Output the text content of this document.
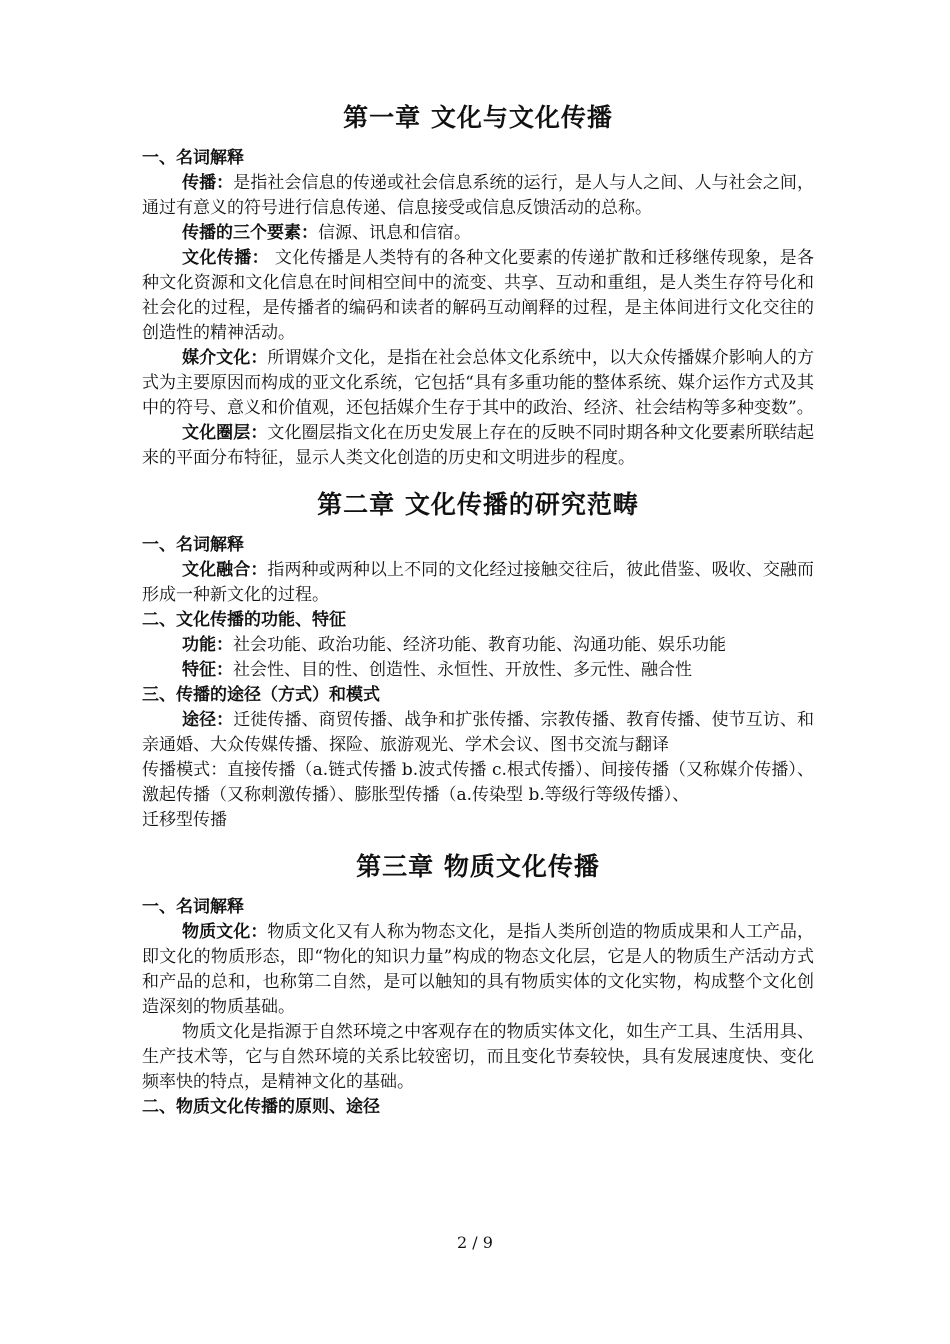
第一章 文化与文化传播
一、名词解释

传播：是指社会信息的传递或社会信息系统的运行，是人与人之间、人与社会之间，通过有意义的符号进行信息传递、信息接受或信息反馈活动的总称。

传播的三个要素：信源、讯息和信宿。

文化传播： 文化传播是人类特有的各种文化要素的传递扩散和迁移继传现象，是各种文化资源和文化信息在时间相空间中的流变、共享、互动和重组，是人类生存符号化和社会化的过程，是传播者的编码和读者的解码互动阐释的过程，是主体间进行文化交往的创造性的精神活动。

媒介文化：所谓媒介文化，是指在社会总体文化系统中，以大众传播媒介影响人的方式为主要原因而构成的亚文化系统，它包括“具有多重功能的整体系统、媒介运作方式及其中的符号、意义和价值观，还包括媒介生存于其中的政治、经济、社会结构等多种变数”。

文化圈层：文化圈层指文化在历史发展上存在的反映不同时期各种文化要素所联结起来的平面分布特征，显示人类文化创造的历史和文明进步的程度。

第二章 文化传播的研究范畴
一、名词解释

文化融合：指两种或两种以上不同的文化经过接触交往后，彼此借鉴、吸收、交融而形成一种新文化的过程。

二、文化传播的功能、特征

功能：社会功能、政治功能、经济功能、教育功能、沟通功能、娱乐功能

特征：社会性、目的性、创造性、永恒性、开放性、多元性、融合性

三、传播的途径（方式）和模式

途径：迁徙传播、商贸传播、战争和扩张传播、宗教传播、教育传播、使节互访、和亲通婚、大众传媒传播、探险、旅游观光、学术会议、图书交流与翻译

传播模式：直接传播（a.链式传播 b.波式传播 c.根式传播）、间接传播（又称媒介传播）、激起传播（又称刺激传播）、膨胀型传播（a.传染型 b.等级行等级传播）、

迁移型传播

第三章 物质文化传播
一、名词解释

物质文化：物质文化又有人称为物态文化，是指人类所创造的物质成果和人工产品，即文化的物质形态，即“物化的知识力量”构成的物态文化层，它是人的物质生产活动方式和产品的总和，也称第二自然，是可以触知的具有物质实体的文化实物，构成整个文化创造深刻的物质基础。

物质文化是指源于自然环境之中客观存在的物质实体文化，如生产工具、生活用具、生产技术等，它与自然环境的关系比较密切，而且变化节奏较快，具有发展速度快、变化频率快的特点，是精神文化的基础。

二、物质文化传播的原则、途径
2 / 9
